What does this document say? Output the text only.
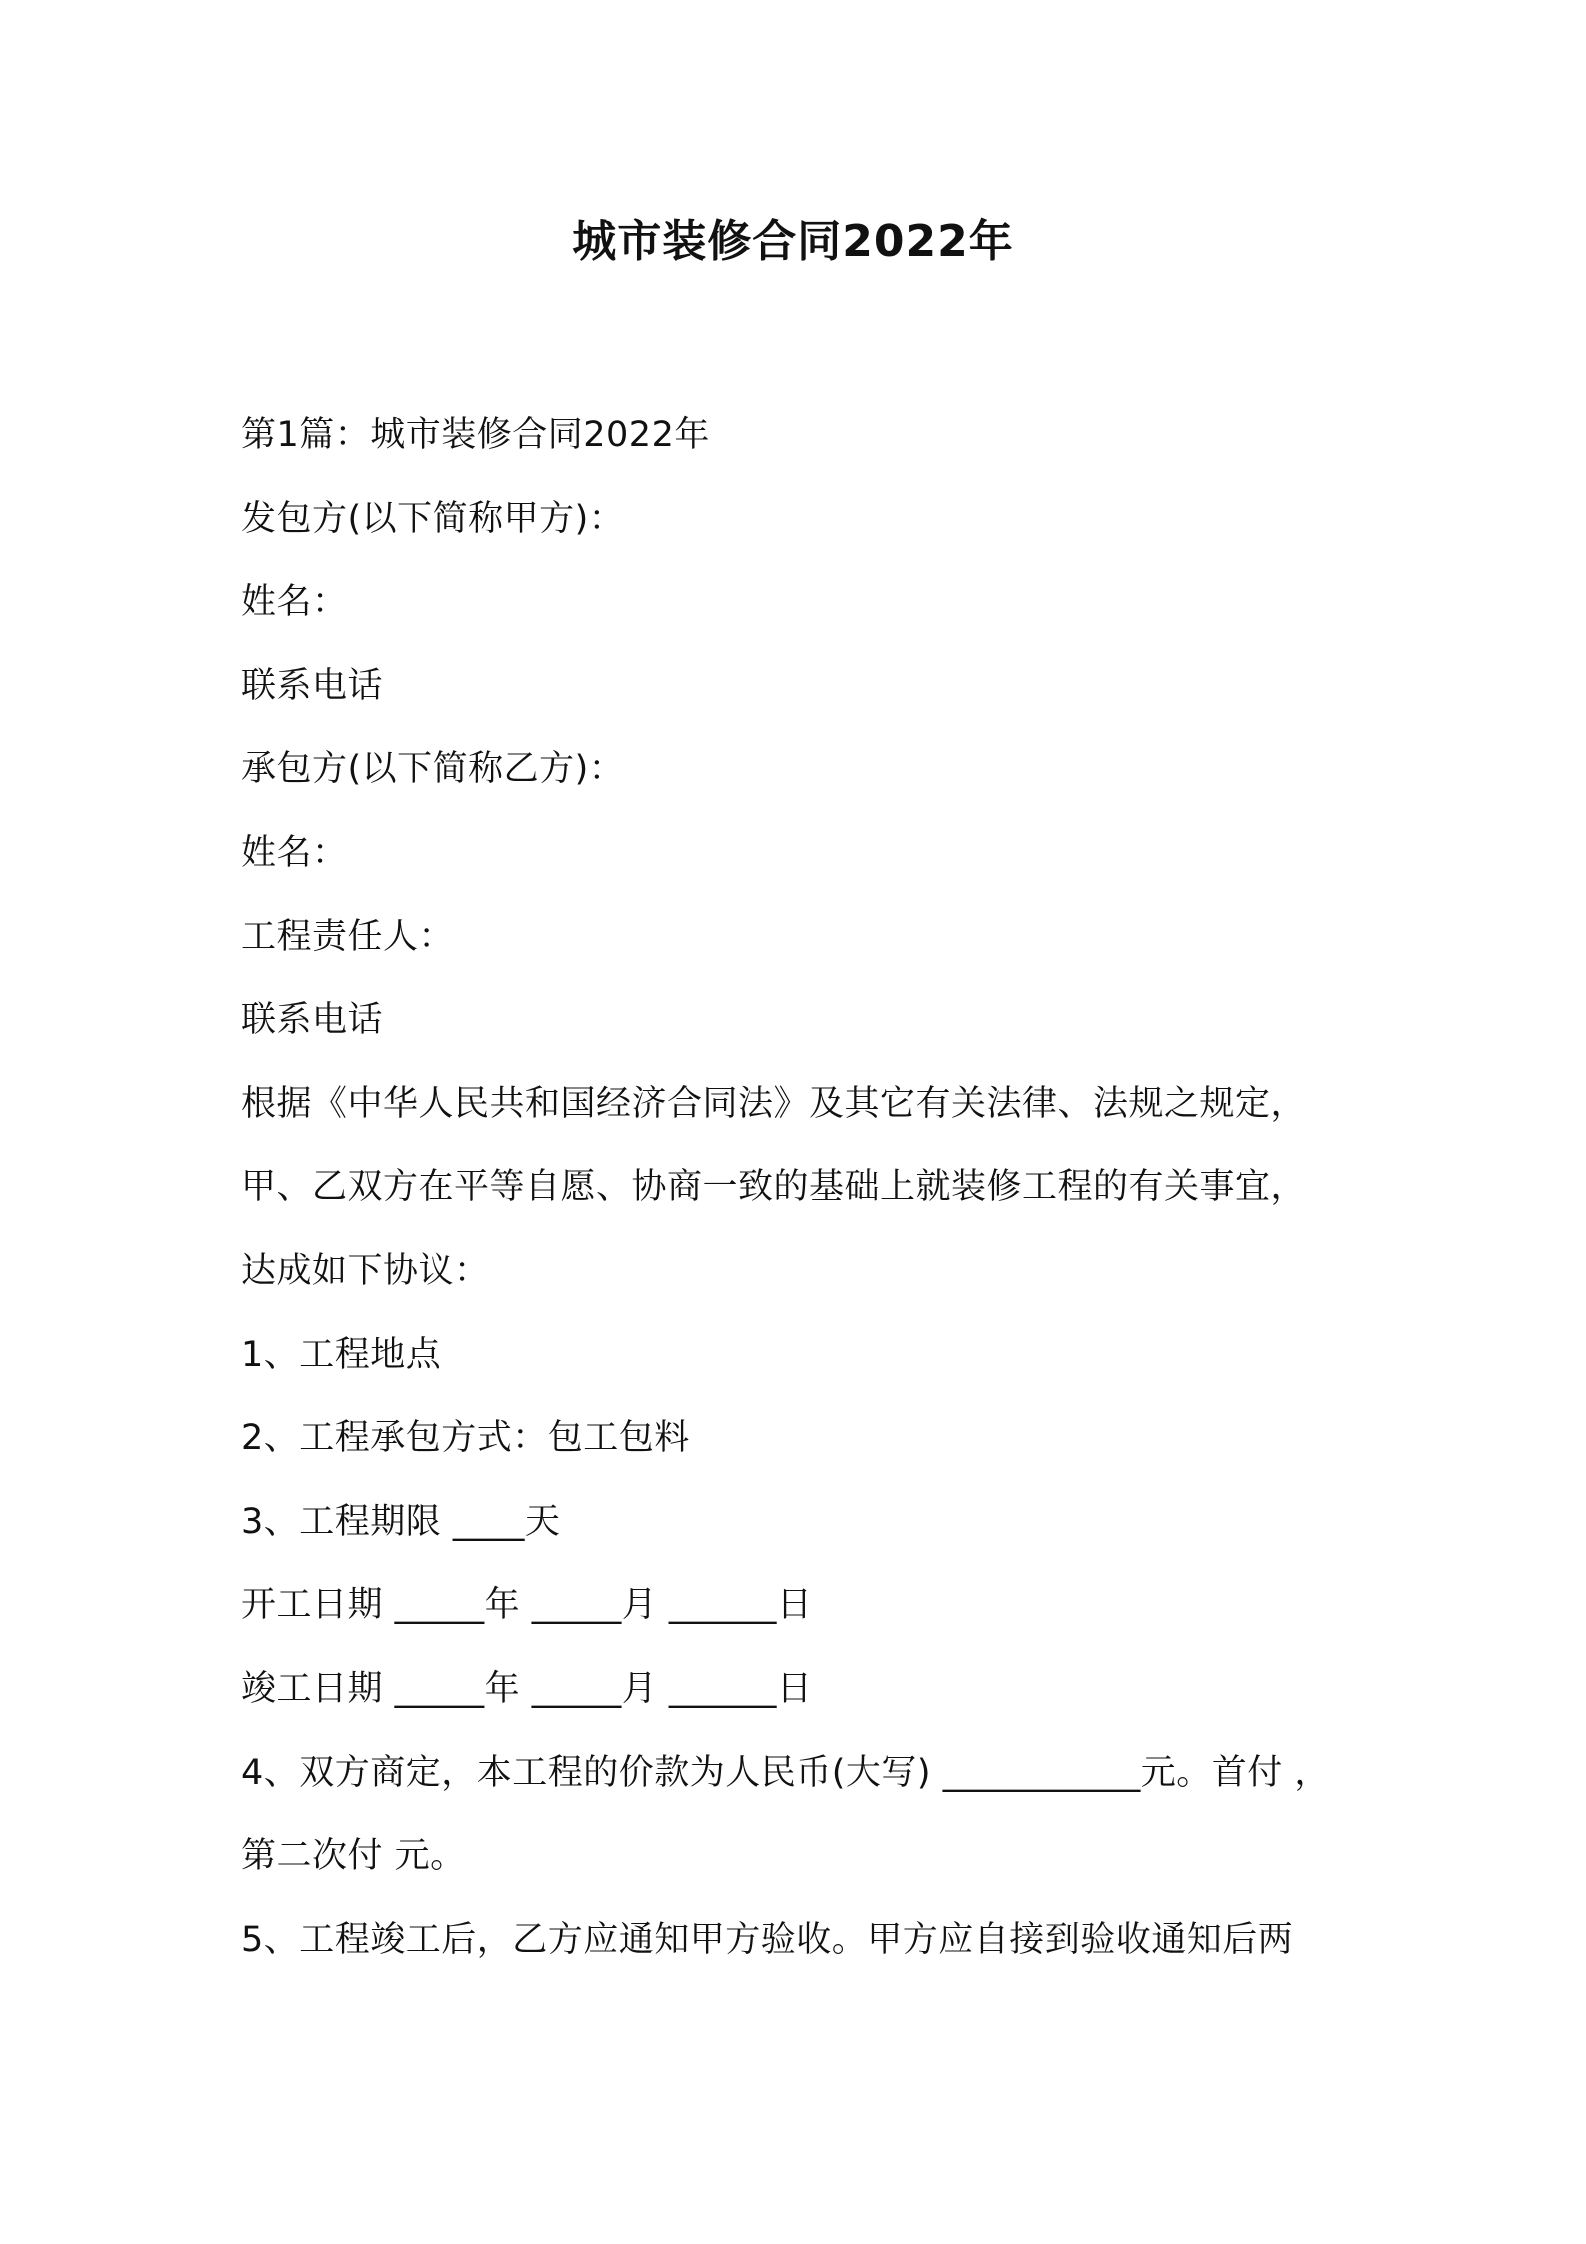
城市装修合同2022年
第1篇：城市装修合同2022年
发包方(以下简称甲方)：
姓名：
联系电话
承包方(以下简称乙方)：
姓名：
工程责任人：
联系电话
根据《中华人民共和国经济合同法》及其它有关法律、法规之规定，
甲、乙双方在平等自愿、协商一致的基础上就装修工程的有关事宜，
达成如下协议：
1、工程地点
2、工程承包方式：包工包料
3、工程期限 ____天
开工日期 _____年 _____月 ______日
竣工日期 _____年 _____月 ______日
4、双方商定，本工程的价款为人民币(大写) ___________元。首付 ，
第二次付 元。
5、工程竣工后，乙方应通知甲方验收。甲方应自接到验收通知后两
